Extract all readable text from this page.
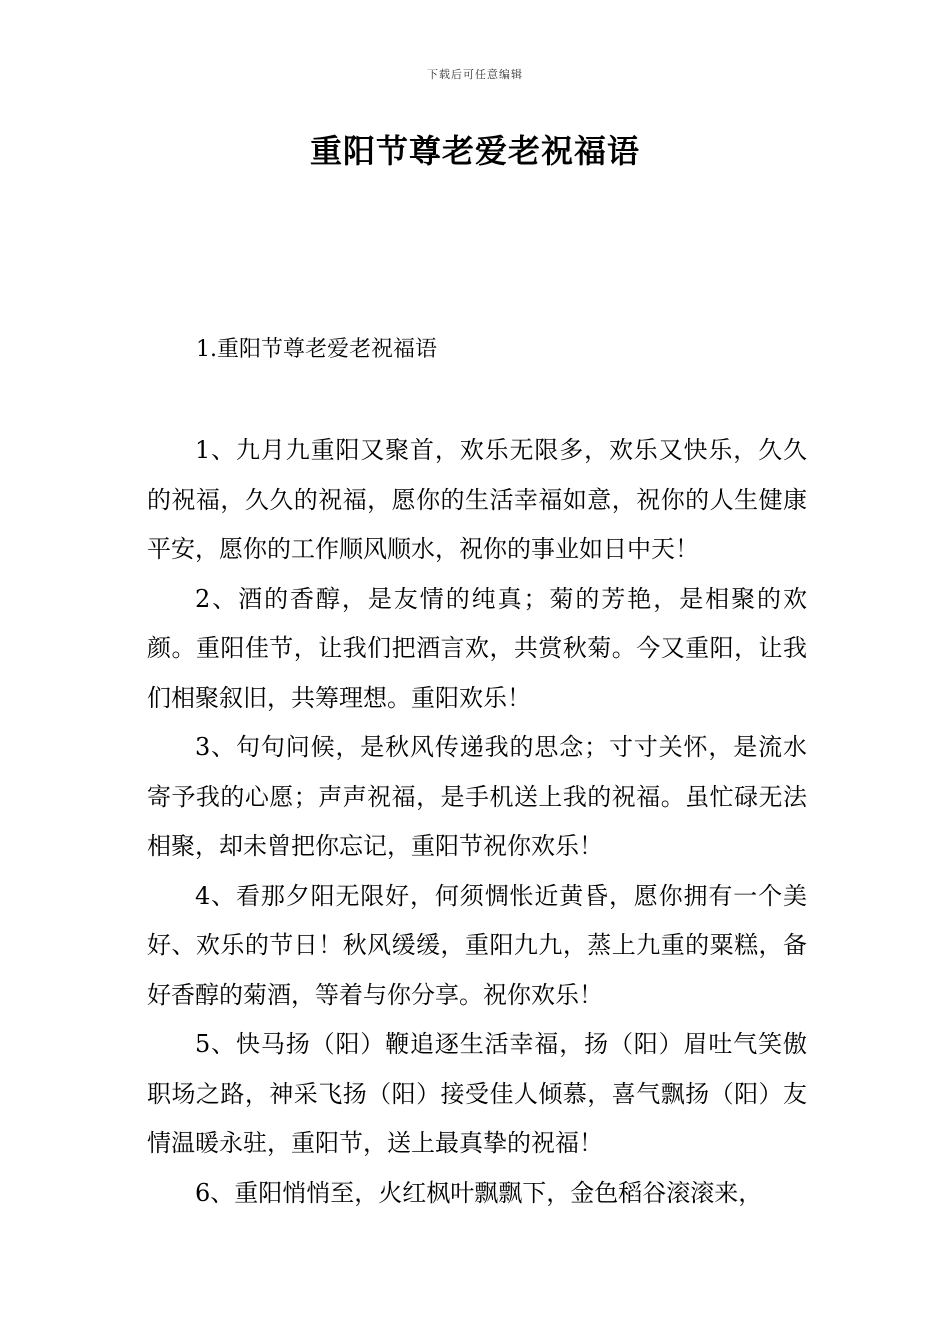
下载后可任意编辑
重阳节尊老爱老祝福语
1.重阳节尊老爱老祝福语

1、九月九重阳又聚首，欢乐无限多，欢乐又快乐，久久的祝福，久久的祝福，愿你的生活幸福如意，祝你的人生健康平安，愿你的工作顺风顺水，祝你的事业如日中天！

2、酒的香醇，是友情的纯真；菊的芳艳，是相聚的欢颜。重阳佳节，让我们把酒言欢，共赏秋菊。今又重阳，让我们相聚叙旧，共筹理想。重阳欢乐！

3、句句问候，是秋风传递我的思念；寸寸关怀，是流水寄予我的心愿；声声祝福，是手机送上我的祝福。虽忙碌无法相聚，却未曾把你忘记，重阳节祝你欢乐！

4、看那夕阳无限好，何须惆怅近黄昏，愿你拥有一个美好、欢乐的节日！秋风缓缓，重阳九九，蒸上九重的粟糕，备好香醇的菊酒，等着与你分享。祝你欢乐！

5、快马扬（阳）鞭追逐生活幸福，扬（阳）眉吐气笑傲职场之路，神采飞扬（阳）接受佳人倾慕，喜气飘扬（阳）友情温暖永驻，重阳节，送上最真挚的祝福！

6、重阳悄悄至，火红枫叶飘飘下，金色稻谷滚滚来，
